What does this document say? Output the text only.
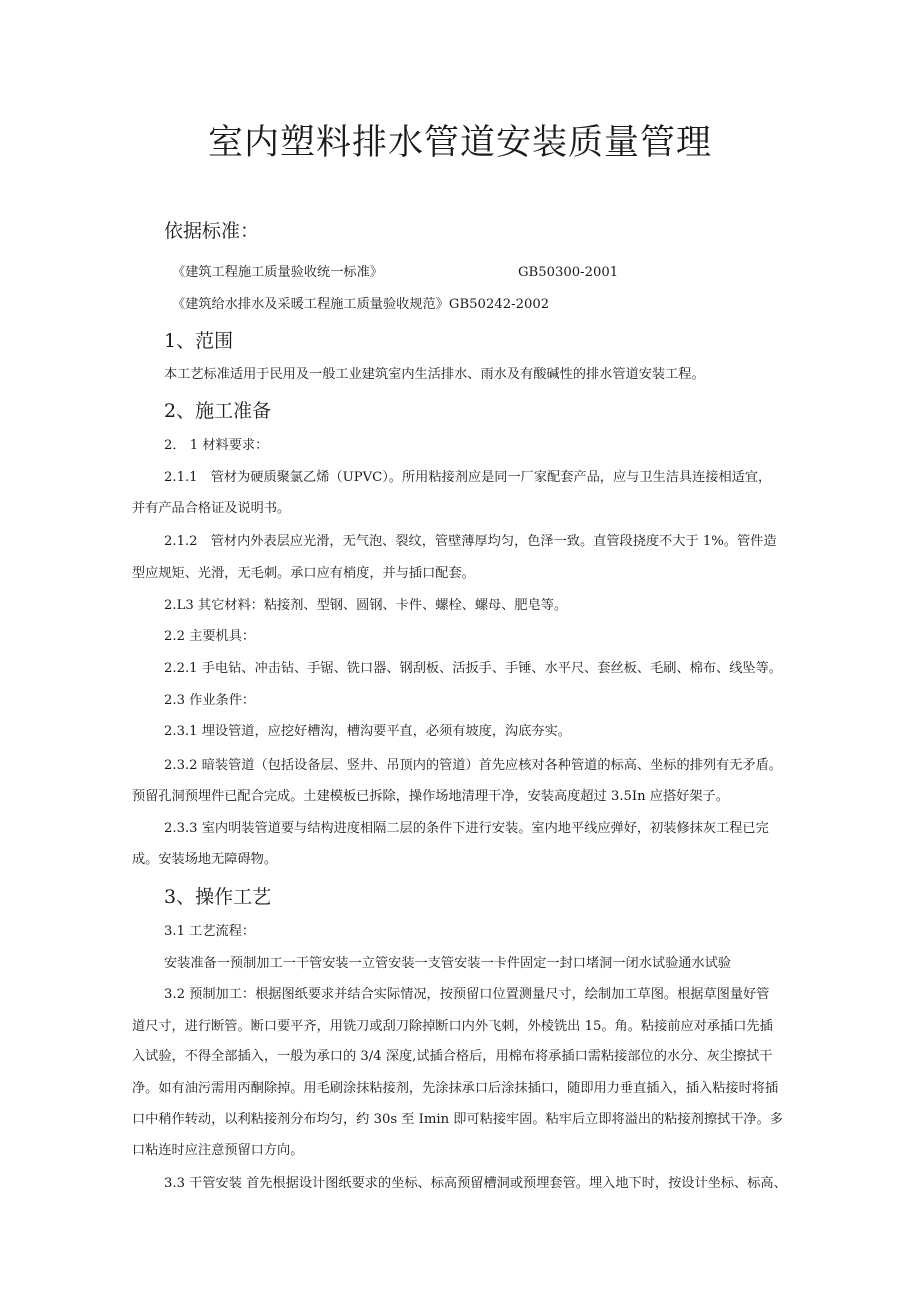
室内塑料排水管道安装质量管理
依据标准：
《建筑工程施工质量验收统一标准》	GB50300-2001
《建筑给水排水及采暖工程施工质量验收规范》GB50242-2002
1、范围
本工艺标准适用于民用及一般工业建筑室内生活排水、雨水及有酸碱性的排水管道安装工程。
2、施工准备
2． 1 材料要求：
2.1.1　管材为硬质聚氯乙烯（UPVC）。所用粘接剂应是同一厂家配套产品，应与卫生洁具连接相适宜，
并有产品合格证及说明书。
2.1.2　管材内外表层应光滑，无气泡、裂纹，管壁薄厚均匀，色泽一致。直管段挠度不大于 1%。管件造
型应规矩、光滑，无毛刺。承口应有梢度，并与插口配套。
2.L3 其它材料：粘接剂、型钢、圆钢、卡件、螺栓、螺母、肥皂等。
2.2 主要机具：
2.2.1 手电钻、冲击钻、手锯、铣口器、钢刮板、活扳手、手锤、水平尺、套丝板、毛刷、棉布、线坠等。
2.3 作业条件：
2.3.1 埋设管道，应挖好槽沟，槽沟要平直，必须有坡度，沟底夯实。
2.3.2 暗装管道（包括设备层、竖井、吊顶内的管道）首先应核对各种管道的标高、坐标的排列有无矛盾。
预留孔洞预埋件已配合完成。土建模板已拆除，操作场地清理干净，安装高度超过 3.5In 应搭好架子。
2.3.3 室内明装管道要与结构进度相隔二层的条件下进行安装。室内地平线应弹好，初装修抹灰工程已完
成。安装场地无障碍物。
3、操作工艺
3.1 工艺流程：
安装准备一预制加工一干管安装一立管安装一支管安装一卡件固定一封口堵洞一闭水试验通水试验
3.2 预制加工：根据图纸要求并结合实际情况，按预留口位置测量尺寸，绘制加工草图。根据草图量好管
道尺寸，进行断管。断口要平齐，用铣刀或刮刀除掉断口内外飞刺，外棱铣出 15。角。粘接前应对承插口先插
入试验，不得全部插入，一般为承口的 3/4 深度,试插合格后，用棉布将承插口需粘接部位的水分、灰尘擦拭干
净。如有油污需用丙酮除掉。用毛刷涂抹粘接剂，先涂抹承口后涂抹插口，随即用力垂直插入，插入粘接时将插
口中稍作转动，以利粘接剂分布均匀，约 30s 至 Imin 即可粘接牢固。粘牢后立即将溢出的粘接剂擦拭干净。多
口粘连时应注意预留口方向。
3.3 干管安装 首先根据设计图纸要求的坐标、标高预留槽洞或预埋套管。埋入地下时，按设计坐标、标高、
